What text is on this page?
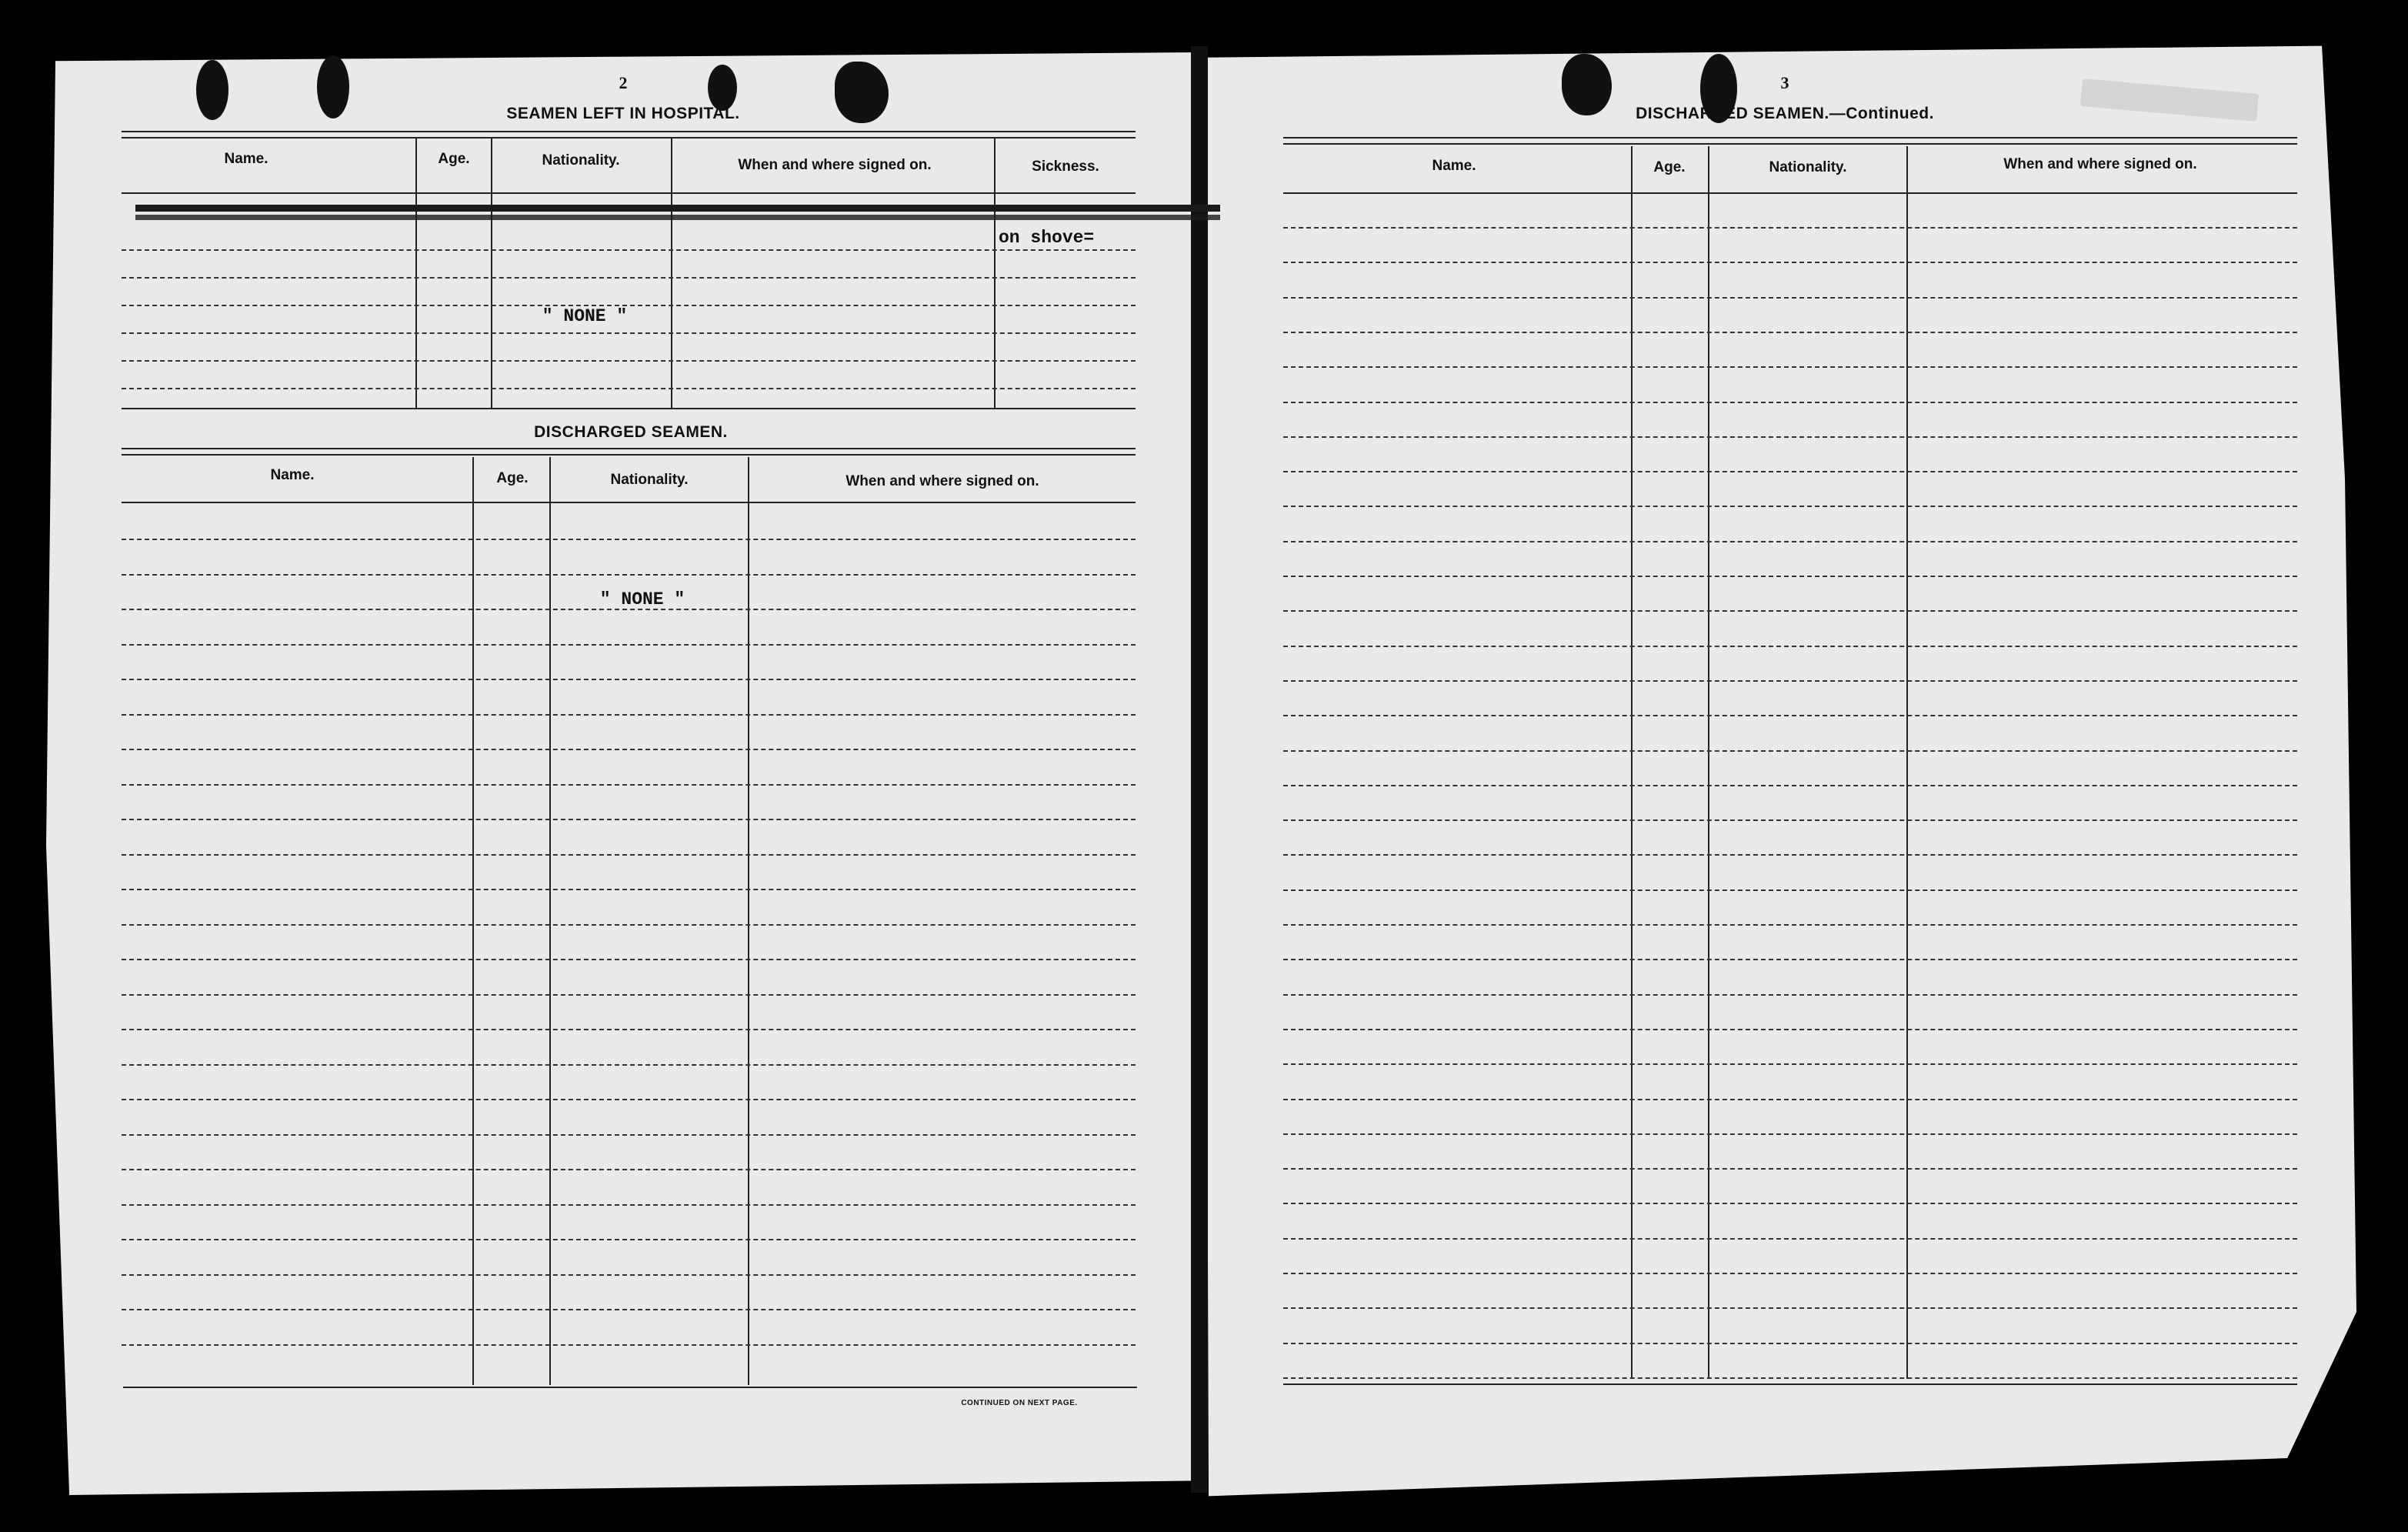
2
SEAMEN LEFT IN HOSPITAL.
Name.	Age.	Nationality.	When and where signed on.	Sickness.
on shove=
" NONE "
DISCHARGED SEAMEN.
Name.	Age.	Nationality.	When and where signed on.
" NONE "
CONTINUED ON NEXT PAGE.
3
DISCHARGED SEAMEN.—Continued.
Name.	Age.	Nationality.	When and where signed on.
